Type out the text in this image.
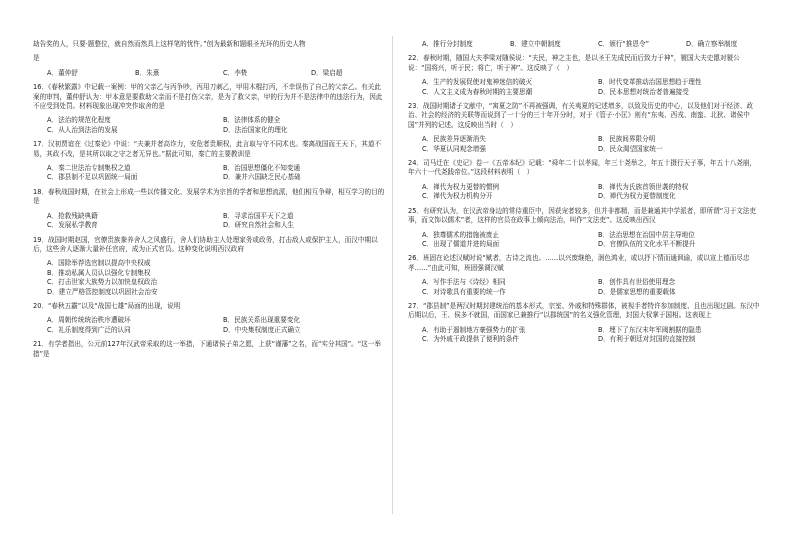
劫告奖的人，只要·题整位，就自然而然具上这样笔的忧忤。”创为最新和题眼圣光环的历史人物
是
A．董仲舒	B．朱熹	C．李贽	D．梁启超
16．《春秋繁露》中记载一案例：甲的父亲乙与丙争吵，丙用刀刺乙，甲用木棍打丙，不幸误伤了自己的父亲乙。有关此案的审判，董仲舒认为：甲本意是要救助父亲而不是打伤父亲，是为了救父亲，甲的行为并不是法律中的违法行为，因此不应受到处罚。材料现象出现冲突作取舍的是
A．法治的规范化程度	B．法律体系的健全
C．从人治到法治的发展	D．法治国家化的理化
17．汉初贾谊在《过秦论》中说：“夫兼并者高诈力，安危者贵顺权，此言取与守不同术也。秦离战国而王天下，其道不易，其政不改，是其所以取之守之者无异也。”据此可知，秦亡的主要教训是
A．秦二世法治专制集权之道	B．治国思想僵化不知变通
C．郡县制不足以巩固统一局面	D．兼并六国缺乏民心基础
18．春秋战国时期，在社会上形成一些以传播文化、发展学术为宗旨的学者和思想流派，他们相互争辩，相互学习的目的是
A．抢救残缺典籍	B．寻求治国平天下之道
C．发展私学教育	D．研究自然社会和人生
19．战国时期赵国，官僚贵族豢养舍人之风盛行，舍人们协助主人处理家务或政务，打击敌人或保护主人，而汉中期以后，这些舍人逐渐大量补任官府，成为正式官员。这种变化说明西汉政府
A．国除举荐选官制以提高中央权威
B．推动私属人员认以强化专制集权
C．打击世家大族势力以加快皇权政治
D．建立严格管控制度以巩固社会治安
20．“春秋五霸”以及“战国七雄”局面的出现，说明
A．周朝传统统治秩序遭破坏	B．民族关系出现重要变化
C．礼乐制度得到广泛的认同	D．中央集权制度正式确立
21．有学者指出，公元前127年汉武帝采取的这一举措，下通诸侯子弟之愿，上获“谨藩”之名，而“实分其国”。“这一举措”是
A．推行分封制度	B．建立中朝制度	C．颁行“推恩令”	D．确立察举制度
22．春秋时期，随国大夫季梁对随侯说：“夫民，神之主也，是以圣王先成民而后致力于神”，虢国大夫史嚚对虢公说：“国将兴，听于民；将亡，听于神”。这反映了（　）
A．生产的发展促使对鬼神迷信的破灭	B．时代变革推动治国思想趋于理性
C．人文主义成为春秋时期的主要思潮	D．民本思想对统治者普遍接受
23．战国时期诸子文献中，“寓夏之防”不再被强调，有关夷夏的记述增多，以致及历史的中心，以及他们对于经济、政治、社会的经济的关联等而说到了一十分的三十年开分时，对于《管子·小匡》则有“东夷、西戎、南蛮、北狄、诸侯中国”并列的记述。这反映出当时（　）
A．民族差异逐渐消失	B．民族间界限分明
C．华夏认同观念增强	D．民众渴望国家统一
24．司马迁在《史记》卷一《五帝本纪》记载：“舜年二十以孝闻，年三十尧举之，年五十摄行天子事，年五十八尧崩，年六十一代尧践帝位。”这段材料表明（　）
A．禅代为权力更替的惯例	B．禅代为氏族首领世袭的特权
C．禅代为权力机构分开	D．禅代为权力更替制度化
25．有研究认为，在汉武帝身边的常侍重臣中，因获宠者较多，但并非都精，而是兼通其中学派者，即所谓“习于文法吏事，而文饰以儒术”者，这样的官员在政事上倾向法治，叫作“文法吏”。这反映出西汉
A．独尊儒术的措施被废止	B．法治思想在治国中居主导地位
C．出现了儒道并进的局面	D．官僚队伍的文化水平不断提升
26．班固在论述汉赋时说“赋者，古诗之流也。……以兴废继绝，润色鸿业，或以抒下情而通讽谕，或以宣上德而尽忠孝……”由此可知，班固强调汉赋
A．写作手法与《诗经》相同	B．创作具有世俗使用理念
C．对诗歌具有重要的统一作	D．是儒家思想的重要载体
27．“郡县制”是两汉时期封建统治的基本形式，宗室、外戚和特殊群体，被视手者特许参加制度、且也出现过剧。东汉中后期以后，王、侯多不就国，而国家已兼推行“以郡统国”的名义强化管理，封国大权掌于国相。这表现上
A．有助于遏制地方豪强势力的扩张	B．埋下了东汉末年军阀割据的隐患
C．为外戚干政提供了便利的条件	D．有利于朝廷对封国的直接控制
